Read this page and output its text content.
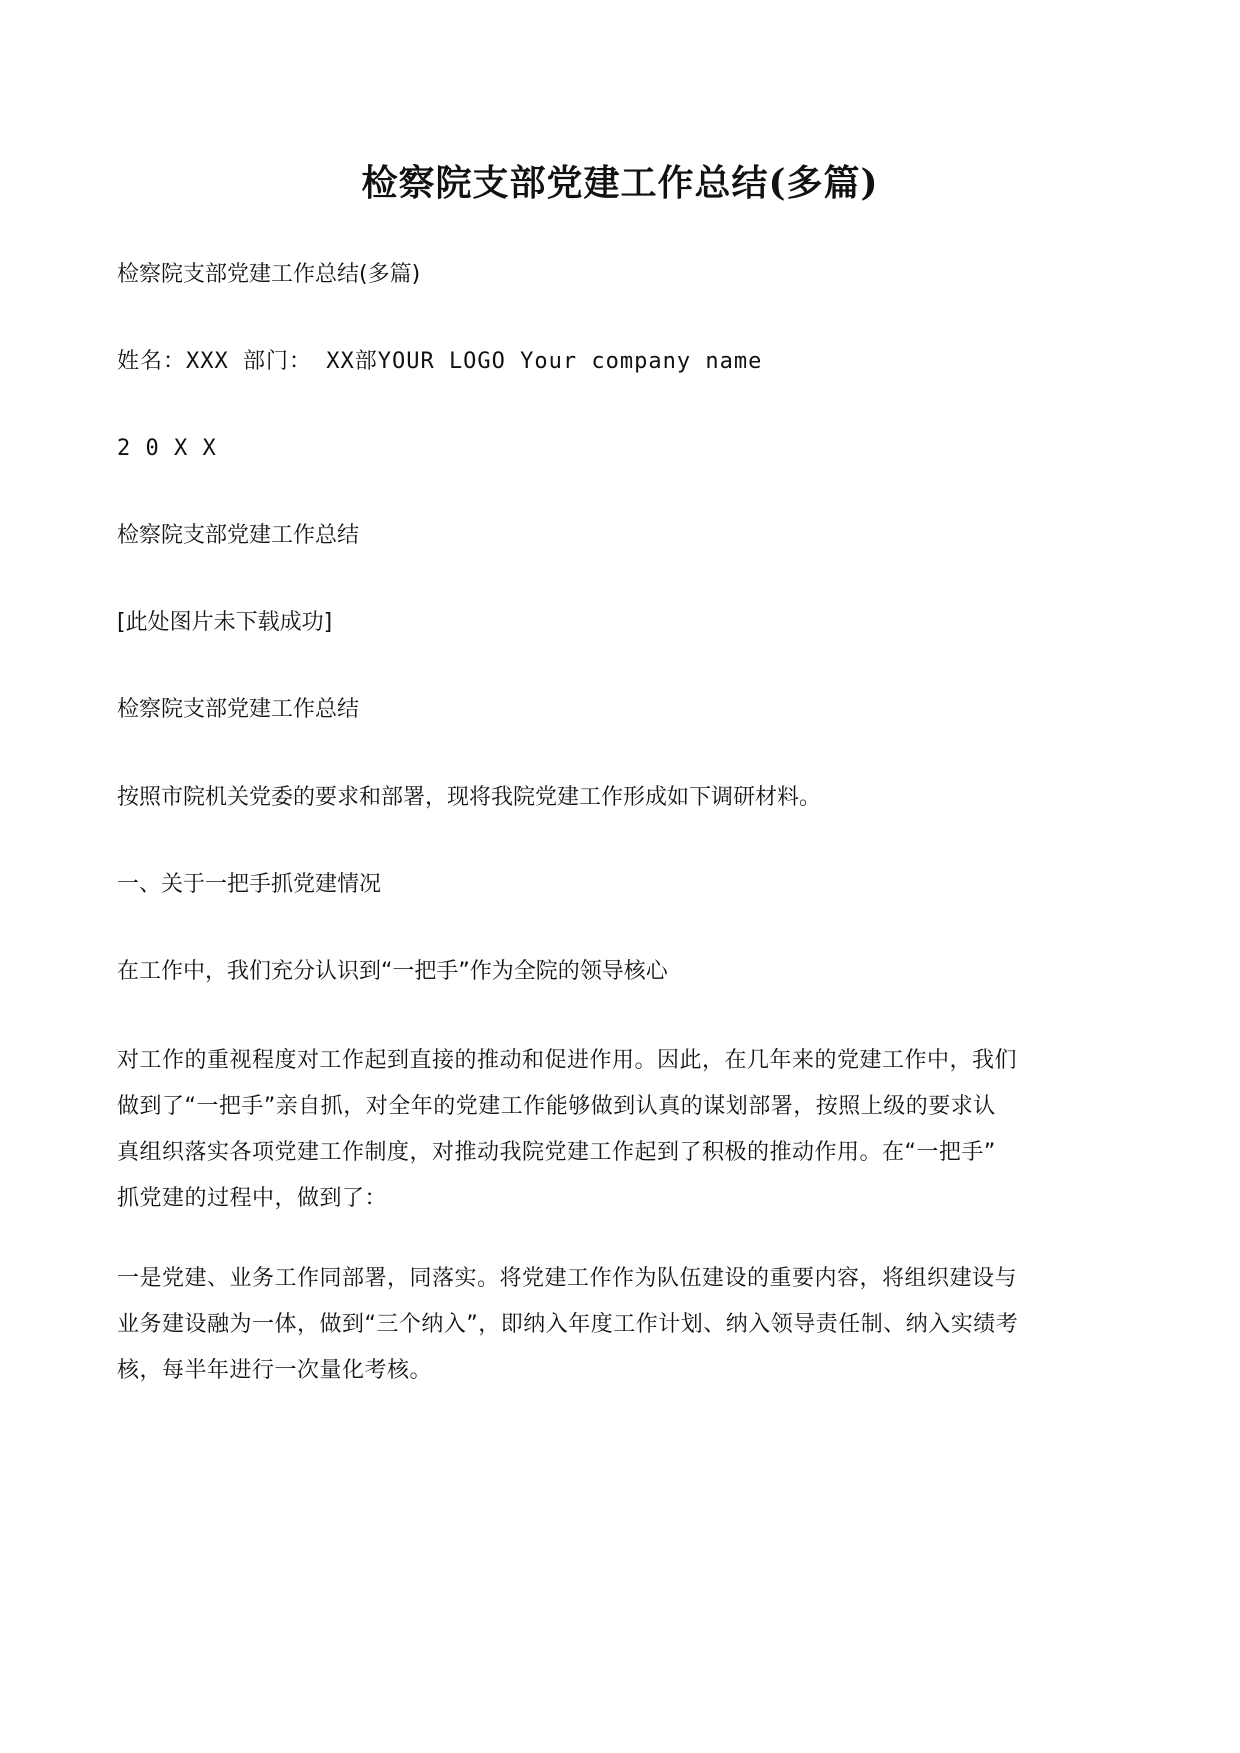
检察院支部党建工作总结(多篇)
检察院支部党建工作总结(多篇)
姓名：XXX 部门： XX部YOUR LOGO Your company name
2 0 X X
检察院支部党建工作总结
[此处图片未下载成功]
检察院支部党建工作总结
按照市院机关党委的要求和部署，现将我院党建工作形成如下调研材料。
一、关于一把手抓党建情况
在工作中，我们充分认识到“一把手”作为全院的领导核心
对工作的重视程度对工作起到直接的推动和促进作用。因此，在几年来的党建工作中，我们
做到了“一把手”亲自抓，对全年的党建工作能够做到认真的谋划部署，按照上级的要求认
真组织落实各项党建工作制度，对推动我院党建工作起到了积极的推动作用。在“一把手”
抓党建的过程中，做到了：
一是党建、业务工作同部署，同落实。将党建工作作为队伍建设的重要内容，将组织建设与
业务建设融为一体，做到“三个纳入”，即纳入年度工作计划、纳入领导责任制、纳入实绩考
核，每半年进行一次量化考核。
